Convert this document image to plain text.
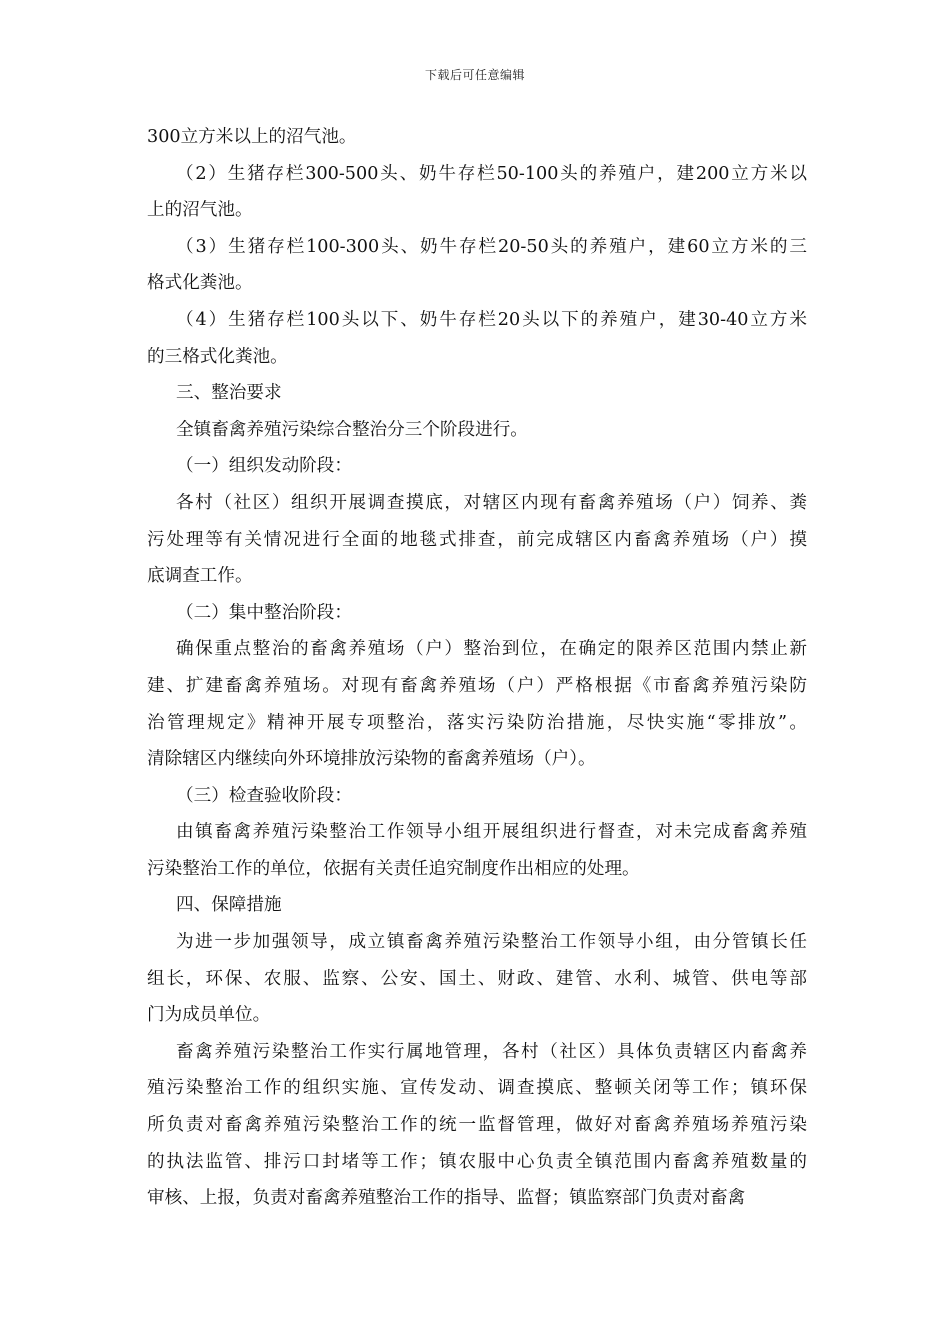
下载后可任意编辑
300立方米以上的沼气池。
（2）生猪存栏300-500头、奶牛存栏50-100头的养殖户，建200立方米以
上的沼气池。
（3）生猪存栏100-300头、奶牛存栏20-50头的养殖户，建60立方米的三
格式化粪池。
（4）生猪存栏100头以下、奶牛存栏20头以下的养殖户，建30-40立方米
的三格式化粪池。
三、整治要求
全镇畜禽养殖污染综合整治分三个阶段进行。
（一）组织发动阶段：
各村（社区）组织开展调查摸底，对辖区内现有畜禽养殖场（户）饲养、粪
污处理等有关情况进行全面的地毯式排查，前完成辖区内畜禽养殖场（户）摸
底调查工作。
（二）集中整治阶段：
确保重点整治的畜禽养殖场（户）整治到位，在确定的限养区范围内禁止新
建、扩建畜禽养殖场。对现有畜禽养殖场（户）严格根据《市畜禽养殖污染防
治管理规定》精神开展专项整治，落实污染防治措施，尽快实施“零排放”。
清除辖区内继续向外环境排放污染物的畜禽养殖场（户）。
（三）检查验收阶段：
由镇畜禽养殖污染整治工作领导小组开展组织进行督查，对未完成畜禽养殖
污染整治工作的单位，依据有关责任追究制度作出相应的处理。
四、保障措施
为进一步加强领导，成立镇畜禽养殖污染整治工作领导小组，由分管镇长任
组长，环保、农服、监察、公安、国土、财政、建管、水利、城管、供电等部
门为成员单位。
畜禽养殖污染整治工作实行属地管理，各村（社区）具体负责辖区内畜禽养
殖污染整治工作的组织实施、宣传发动、调查摸底、整顿关闭等工作；镇环保
所负责对畜禽养殖污染整治工作的统一监督管理，做好对畜禽养殖场养殖污染
的执法监管、排污口封堵等工作；镇农服中心负责全镇范围内畜禽养殖数量的
审核、上报，负责对畜禽养殖整治工作的指导、监督；镇监察部门负责对畜禽
